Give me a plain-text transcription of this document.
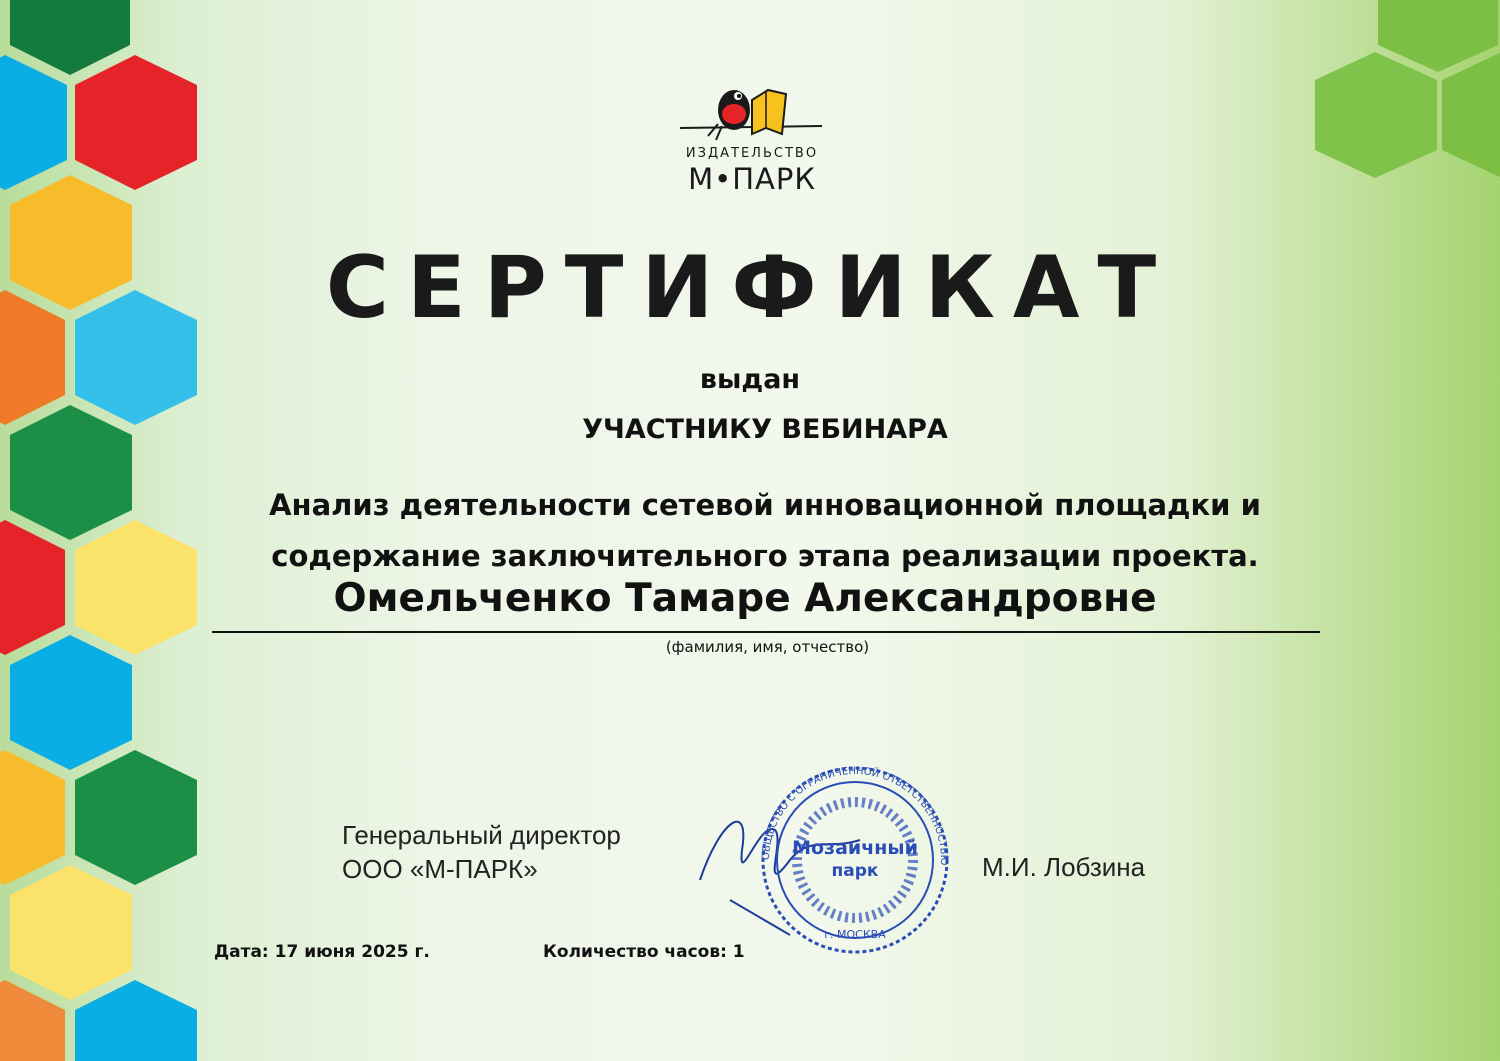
ИЗДАТЕЛЬСТВО
М•ПАРК
СЕРТИФИКАТ
выдан
УЧАСТНИКУ ВЕБИНАРА
Анализ деятельности сетевой инновационной площадки и
содержание заключительного этапа реализации проекта.
Омельченко Тамаре Александровне
(фамилия, имя, отчество)
Генеральный директор
ООО «М-ПАРК»	ОБЩЕСТВО С ОГРАНИЧЕННОЙ ОТВЕТСТВЕННОСТЬЮ
Мозаичный
парк
г. МОСКВА
М.И. Лобзина
Дата: 17 июня 2025 г.	Количество часов: 1
